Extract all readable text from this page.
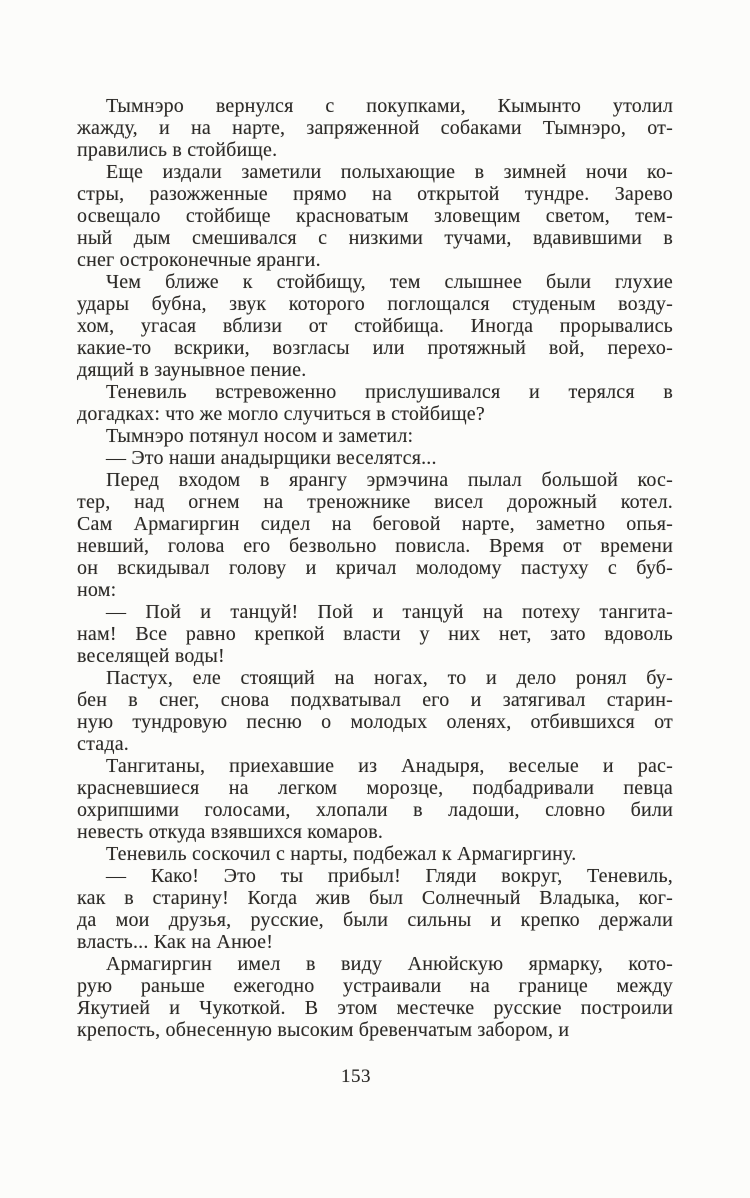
Тымнэро вернулся с покупками, Кымынто утолил
жажду, и на нарте, запряженной собаками Тымнэро, от-
правились в стойбище.
Еще издали заметили полыхающие в зимней ночи ко-
стры, разожженные прямо на открытой тундре. Зарево
освещало стойбище красноватым зловещим светом, тем-
ный дым смешивался с низкими тучами, вдавившими в
снег остроконечные яранги.
Чем ближе к стойбищу, тем слышнее были глухие
удары бубна, звук которого поглощался студеным возду-
хом, угасая вблизи от стойбища. Иногда прорывались
какие-то вскрики, возгласы или протяжный вой, перехо-
дящий в заунывное пение.
Теневиль встревоженно прислушивался и терялся в
догадках: что же могло случиться в стойбище?
Тымнэро потянул носом и заметил:
— Это наши анадырщики веселятся...
Перед входом в ярангу эрмэчина пылал большой кос-
тер, над огнем на треножнике висел дорожный котел.
Сам Армагиргин сидел на беговой нарте, заметно опья-
невший, голова его безвольно повисла. Время от времени
он вскидывал голову и кричал молодому пастуху с буб-
ном:
— Пой и танцуй! Пой и танцуй на потеху тангита-
нам! Все равно крепкой власти у них нет, зато вдоволь
веселящей воды!
Пастух, еле стоящий на ногах, то и дело ронял бу-
бен в снег, снова подхватывал его и затягивал старин-
ную тундровую песню о молодых оленях, отбившихся от
стада.
Тангитаны, приехавшие из Анадыря, веселые и рас-
красневшиеся на легком морозце, подбадривали певца
охрипшими голосами, хлопали в ладоши, словно били
невесть откуда взявшихся комаров.
Теневиль соскочил с нарты, подбежал к Армагиргину.
— Како! Это ты прибыл! Гляди вокруг, Теневиль,
как в старину! Когда жив был Солнечный Владыка, ког-
да мои друзья, русские, были сильны и крепко держали
власть... Как на Анюе!
Армагиргин имел в виду Анюйскую ярмарку, кото-
рую раньше ежегодно устраивали на границе между
Якутией и Чукоткой. В этом местечке русские построили
крепость, обнесенную высоким бревенчатым забором, и
153
